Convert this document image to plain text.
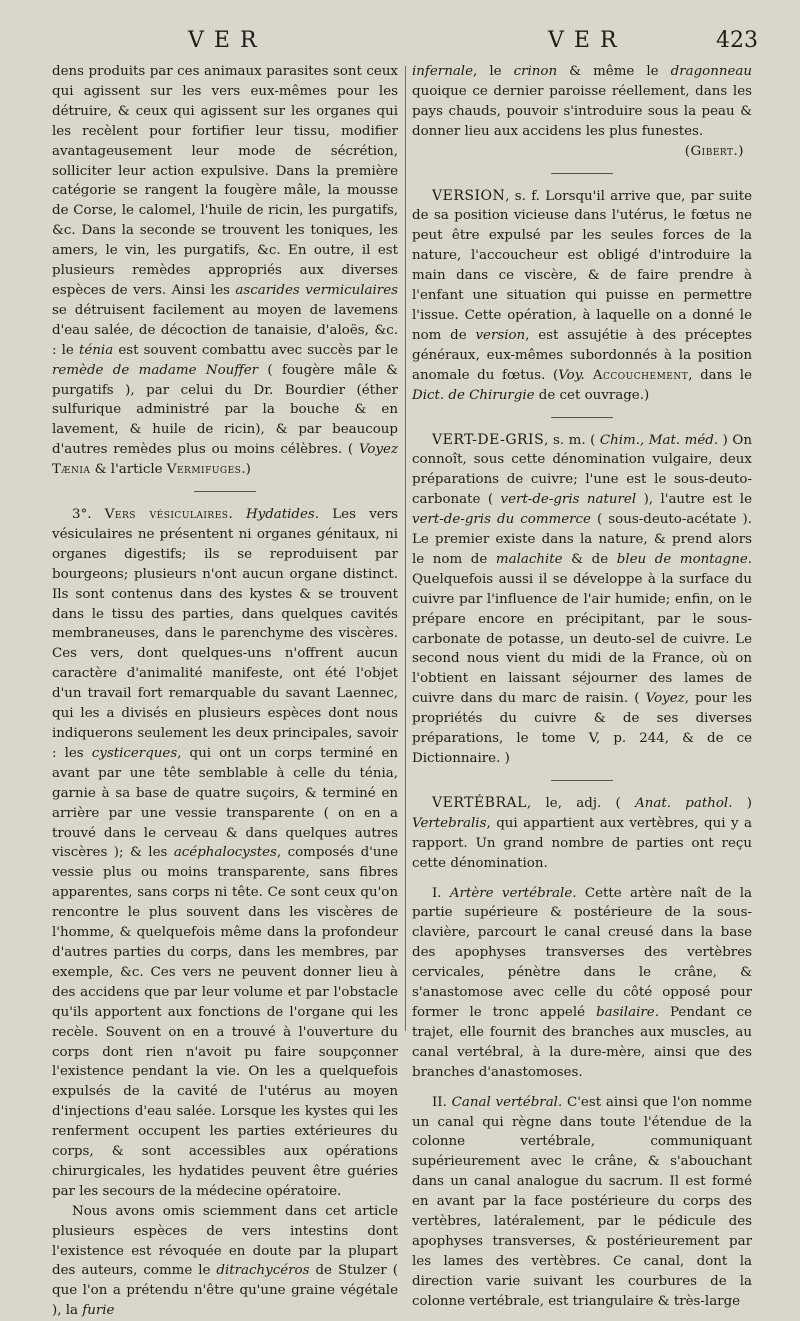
VER	VER	423

dens produits par ces animaux parasites sont ceux qui agissent sur les vers eux-mêmes pour les détruire, & ceux qui agissent sur les organes qui les recèlent pour fortifier leur tissu, modifier avantageusement leur mode de sécrétion, solliciter leur action expulsive. Dans la première catégorie se rangent la fougère mâle, la mousse de Corse, le calomel, l'huile de ricin, les purgatifs, &c. Dans la seconde se trouvent les toniques, les amers, le vin, les purgatifs, &c. En outre, il est plusieurs remèdes appropriés aux diverses espèces de vers. Ainsi les ascarides vermiculaires se détruisent facilement au moyen de lavemens d'eau salée, de décoction de tanaisie, d'aloës, &c. : le ténia est souvent combattu avec succès par le remède de madame Nouffer ( fougère mâle & purgatifs ), par celui du Dr. Bourdier (éther sulfurique administré par la bouche & en lavement, & huile de ricin), & par beaucoup d'autres remèdes plus ou moins célèbres. ( Voyez Tænia & l'article Vermifuges.)

3°. Vers vésiculaires. Hydatides. Les vers vésiculaires ne présentent ni organes génitaux, ni organes digestifs; ils se reproduisent par bourgeons; plusieurs n'ont aucun organe distinct. Ils sont contenus dans des kystes & se trouvent dans le tissu des parties, dans quelques cavités membraneuses, dans le parenchyme des viscères. Ces vers, dont quelques-uns n'offrent aucun caractère d'animalité manifeste, ont été l'objet d'un travail fort remarquable du savant Laennec, qui les a divisés en plusieurs espèces dont nous indiquerons seulement les deux principales, savoir : les cysticerques, qui ont un corps terminé en avant par une tête semblable à celle du ténia, garnie à sa base de quatre suçoirs, & terminé en arrière par une vessie transparente ( on en a trouvé dans le cerveau & dans quelques autres viscères ); & les acéphalocystes, composés d'une vessie plus ou moins transparente, sans fibres apparentes, sans corps ni tête. Ce sont ceux qu'on rencontre le plus souvent dans les viscères de l'homme, & quelquefois même dans la profondeur d'autres parties du corps, dans les membres, par exemple, &c. Ces vers ne peuvent donner lieu à des accidens que par leur volume et par l'obstacle qu'ils apportent aux fonctions de l'organe qui les recèle. Souvent on en a trouvé à l'ouverture du corps dont rien n'avoit pu faire soupçonner l'existence pendant la vie. On les a quelquefois expulsés de la cavité de l'utérus au moyen d'injections d'eau salée. Lorsque les kystes qui les renferment occupent les parties extérieures du corps, & sont accessibles aux opérations chirurgicales, les hydatides peuvent être guéries par les secours de la médecine opératoire.

Nous avons omis sciemment dans cet article plusieurs espèces de vers intestins dont l'existence est révoquée en doute par la plupart des auteurs, comme le ditrachycéros de Stulzer ( que l'on a prétendu n'être qu'une graine végétale ), la furie

infernale, le crinon & même le dragonneau quoique ce dernier paroisse réellement, dans les pays chauds, pouvoir s'introduire sous la peau & donner lieu aux accidens les plus funestes.

(Gibert.)

VERSION, s. f. Lorsqu'il arrive que, par suite de sa position vicieuse dans l'utérus, le fœtus ne peut être expulsé par les seules forces de la nature, l'accoucheur est obligé d'introduire la main dans ce viscère, & de faire prendre à l'enfant une situation qui puisse en permettre l'issue. Cette opération, à laquelle on a donné le nom de version, est assujétie à des préceptes généraux, eux-mêmes subordonnés à la position anomale du fœtus. (Voy. Accouchement, dans le Dict. de Chirurgie de cet ouvrage.)

VERT-DE-GRIS, s. m. ( Chim., Mat. méd. ) On connoît, sous cette dénomination vulgaire, deux préparations de cuivre; l'une est le sous-deuto-carbonate ( vert-de-gris naturel ), l'autre est le vert-de-gris du commerce ( sous-deuto-acétate ). Le premier existe dans la nature, & prend alors le nom de malachite & de bleu de montagne. Quelquefois aussi il se développe à la surface du cuivre par l'influence de l'air humide; enfin, on le prépare encore en précipitant, par le sous-carbonate de potasse, un deuto-sel de cuivre. Le second nous vient du midi de la France, où on l'obtient en laissant séjourner des lames de cuivre dans du marc de raisin. ( Voyez, pour les propriétés du cuivre & de ses diverses préparations, le tome V, p. 244, & de ce Dictionnaire. )

VERTÉBRAL, le, adj. ( Anat. pathol. ) Vertebralis, qui appartient aux vertèbres, qui y a rapport. Un grand nombre de parties ont reçu cette dénomination.

I. Artère vertébrale. Cette artère naît de la partie supérieure & postérieure de la sous-clavière, parcourt le canal creusé dans la base des apophyses transverses des vertèbres cervicales, pénètre dans le crâne, & s'anastomose avec celle du côté opposé pour former le tronc appelé basilaire. Pendant ce trajet, elle fournit des branches aux muscles, au canal vertébral, à la dure-mère, ainsi que des branches d'anastomoses.

II. Canal vertébral. C'est ainsi que l'on nomme un canal qui règne dans toute l'étendue de la colonne vertébrale, communiquant supérieurement avec le crâne, & s'abouchant dans un canal analogue du sacrum. Il est formé en avant par la face postérieure du corps des vertèbres, latéralement, par le pédicule des apophyses transverses, & postérieurement par les lames des vertèbres. Ce canal, dont la direction varie suivant les courbures de la colonne vertébrale, est triangulaire & très-large
